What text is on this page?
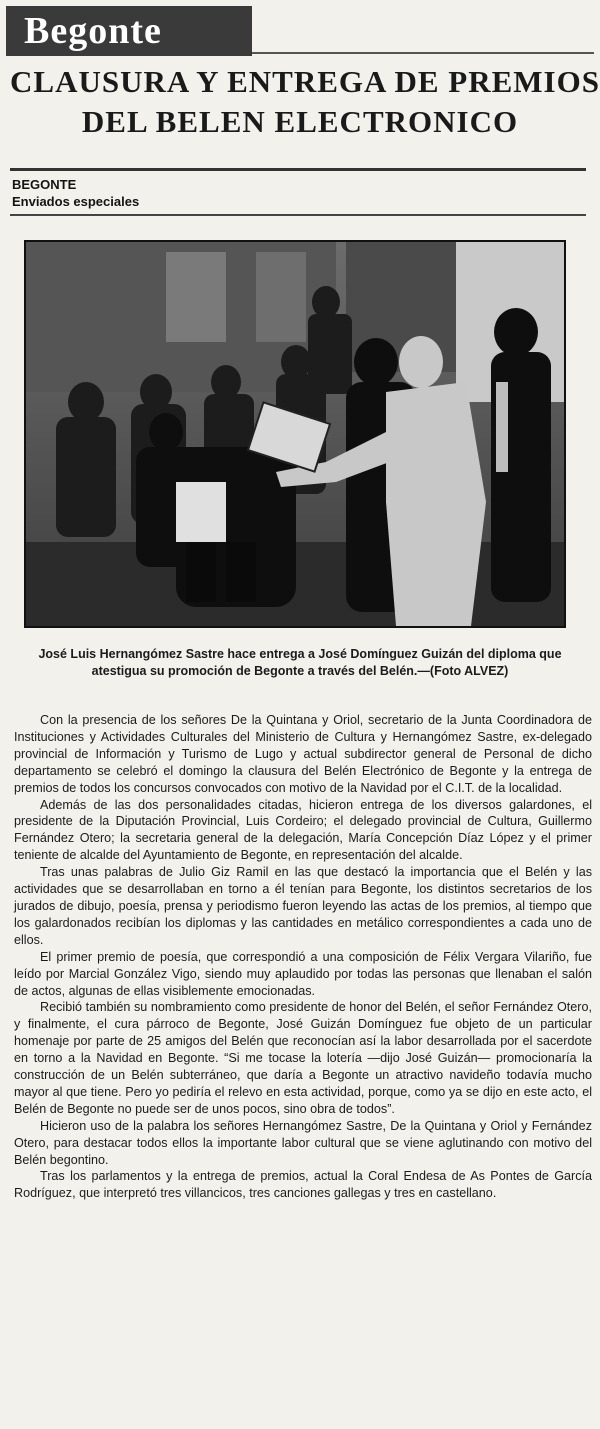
Begonte
CLAUSURA Y ENTREGA DE PREMIOS
DEL BELEN ELECTRONICO
BEGONTE
Enviados especiales
José Luis Hernangómez Sastre hace entrega a José Domínguez Guizán del diploma que atestigua su promoción de Begonte a través del Belén.—(Foto ALVEZ)

Con la presencia de los señores De la Quintana y Oriol, secretario de la Junta Coordinadora de Instituciones y Actividades Culturales del Ministerio de Cultura y Hernangómez Sastre, ex-delegado provincial de Información y Turismo de Lugo y actual subdirector general de Personal de dicho departamento se celebró el domingo la clausura del Belén Electrónico de Begonte y la entrega de premios de todos los concursos convocados con motivo de la Navidad por el C.I.T. de la localidad.

Además de las dos personalidades citadas, hicieron entrega de los diversos galardones, el presidente de la Diputación Provincial, Luis Cordeiro; el delegado provincial de Cultura, Guillermo Fernández Otero; la secretaria general de la delegación, María Concepción Díaz López y el primer teniente de alcalde del Ayuntamiento de Begonte, en representación del alcalde.

Tras unas palabras de Julio Giz Ramil en las que destacó la importancia que el Belén y las actividades que se desarrollaban en torno a él tenían para Begonte, los distintos secretarios de los jurados de dibujo, poesía, prensa y periodismo fueron leyendo las actas de los premios, al tiempo que los galardonados recibían los diplomas y las cantidades en metálico correspondientes a cada uno de ellos.

El primer premio de poesía, que correspondió a una composición de Félix Vergara Vilariño, fue leído por Marcial González Vigo, siendo muy aplaudido por todas las personas que llenaban el salón de actos, algunas de ellas visiblemente emocionadas.

Recibió también su nombramiento como presidente de honor del Belén, el señor Fernández Otero, y finalmente, el cura párroco de Begonte, José Guizán Domínguez fue objeto de un particular homenaje por parte de 25 amigos del Belén que reconocían así la labor desarrollada por el sacerdote en torno a la Navidad en Begonte. “Si me tocase la lotería —dijo José Guizán— promocionaría la construcción de un Belén subterráneo, que daría a Begonte un atractivo navideño todavía mucho mayor al que tiene. Pero yo pediría el relevo en esta actividad, porque, como ya se dijo en este acto, el Belén de Begonte no puede ser de unos pocos, sino obra de todos”.

Hicieron uso de la palabra los señores Hernangómez Sastre, De la Quintana y Oriol y Fernández Otero, para destacar todos ellos la importante labor cultural que se viene aglutinando con motivo del Belén begontino.

Tras los parlamentos y la entrega de premios, actual la Coral Endesa de As Pontes de García Rodríguez, que interpretó tres villancicos, tres canciones gallegas y tres en castellano.
